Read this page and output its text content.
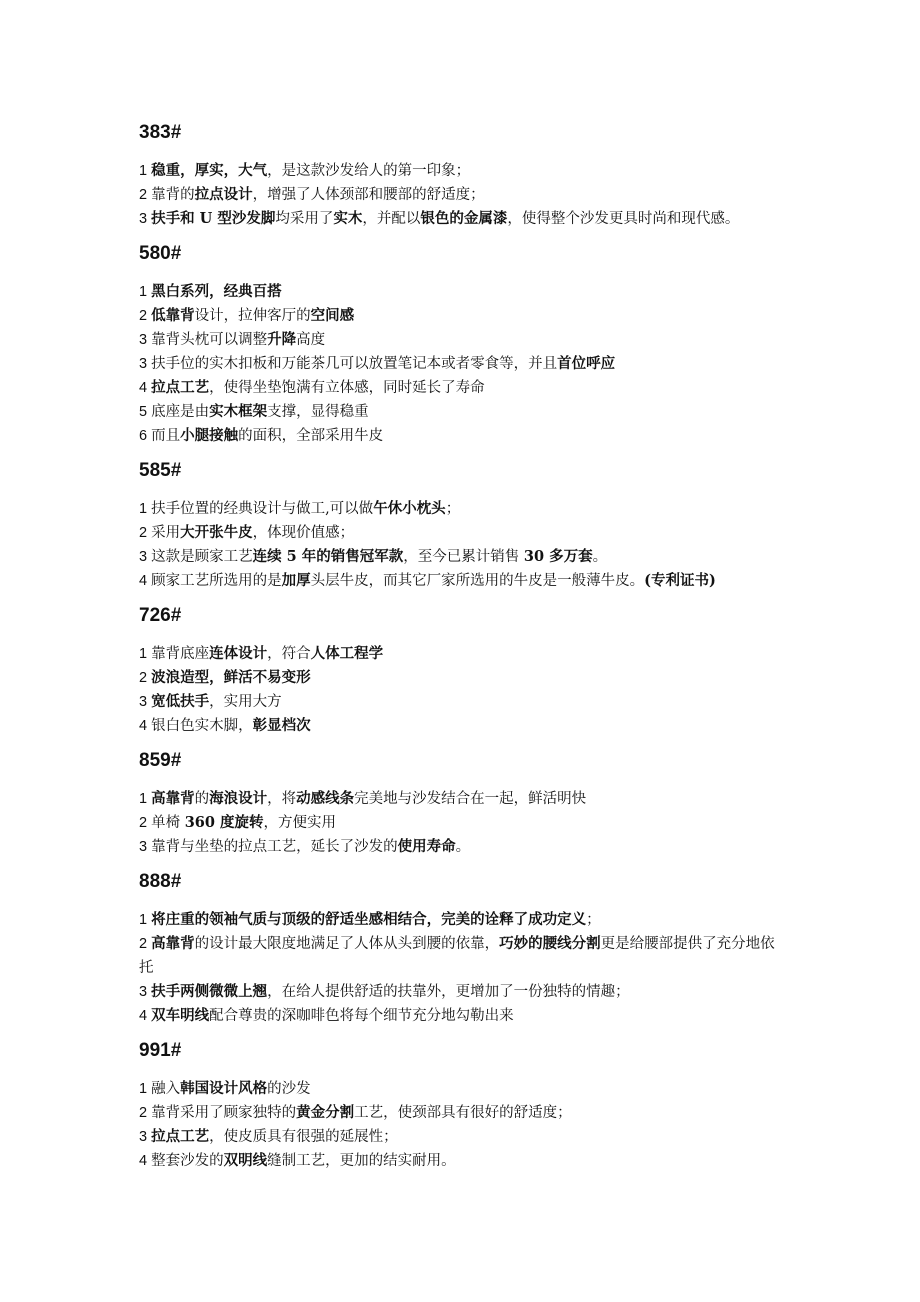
383#
1 稳重，厚实，大气，是这款沙发给人的第一印象；
2 靠背的拉点设计，增强了人体颈部和腰部的舒适度；
3 扶手和 U 型沙发脚均采用了实木，并配以银色的金属漆，使得整个沙发更具时尚和现代感。
580#
1 黑白系列，经典百搭
2 低靠背设计，拉伸客厅的空间感
3 靠背头枕可以调整升降高度
3 扶手位的实木扣板和万能茶几可以放置笔记本或者零食等，并且首位呼应
4 拉点工艺，使得坐垫饱满有立体感，同时延长了寿命
5 底座是由实木框架支撑，显得稳重
6 而且小腿接触的面积，全部采用牛皮
585#
1 扶手位置的经典设计与做工,可以做午休小枕头；
2 采用大开张牛皮，体现价值感；
3 这款是顾家工艺连续 5 年的销售冠军款，至今已累计销售 30 多万套。
4 顾家工艺所选用的是加厚头层牛皮，而其它厂家所选用的牛皮是一般薄牛皮。(专利证书)
726#
1 靠背底座连体设计，符合人体工程学
2 波浪造型，鲜活不易变形
3 宽低扶手，实用大方
4 银白色实木脚，彰显档次
859#
1 高靠背的海浪设计，将动感线条完美地与沙发结合在一起，鲜活明快
2 单椅 360 度旋转，方便实用
3 靠背与坐垫的拉点工艺，延长了沙发的使用寿命。
888#
1 将庄重的领袖气质与顶级的舒适坐感相结合，完美的诠释了成功定义；
2 高靠背的设计最大限度地满足了人体从头到腰的依靠，巧妙的腰线分割更是给腰部提供了充分地依托
3 扶手两侧微微上翘，在给人提供舒适的扶靠外，更增加了一份独特的情趣；
4 双车明线配合尊贵的深咖啡色将每个细节充分地勾勒出来
991#
1 融入韩国设计风格的沙发
2 靠背采用了顾家独特的黄金分割工艺，使颈部具有很好的舒适度；
3 拉点工艺，使皮质具有很强的延展性；
4 整套沙发的双明线缝制工艺，更加的结实耐用。
